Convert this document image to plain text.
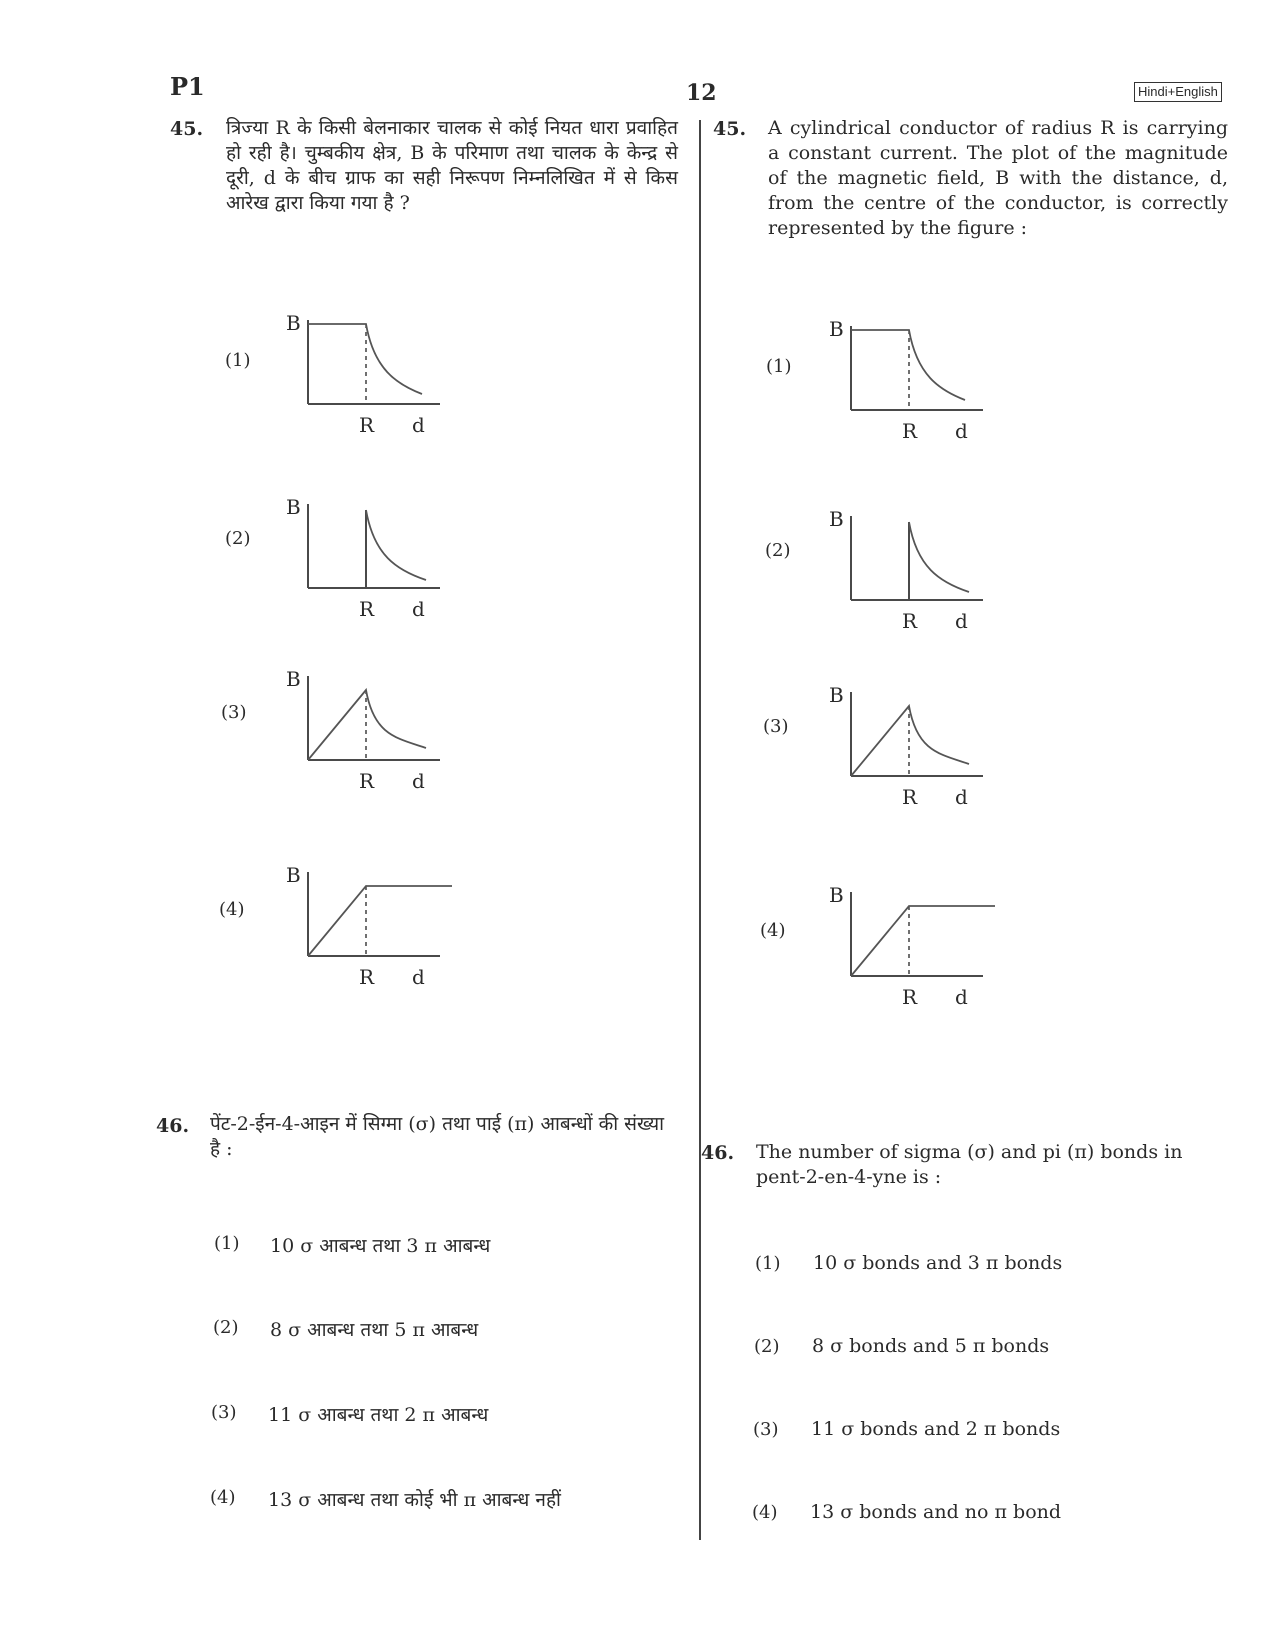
P1	12	Hindi+English
45. त्रिज्या R के किसी बेलनाकार चालक से कोई नियत धारा प्रवाहित हो रही है। चुम्बकीय क्षेत्र, B के परिमाण तथा चालक के केन्द्र से दूरी, d के बीच ग्राफ का सही निरूपण निम्नलिखित में से किस आरेख द्वारा किया गया है ?
45. A cylindrical conductor of radius R is carrying a constant current. The plot of the magnitude of the magnetic field, B with the distance, d, from the centre of the conductor, is correctly represented by the figure :
(1)
B
R d
(2)
B
R d
(3)
B
R d
(4)
B
R d
(1)
B
R d
(2)
B
R d
(3)
B
R d
(4)
B
R d
46. पेंट-2-ईन-4-आइन में सिग्मा (σ) तथा पाई (π) आबन्धों की संख्या है :
(1) 10 σ आबन्ध तथा 3 π आबन्ध
(2) 8 σ आबन्ध तथा 5 π आबन्ध
(3) 11 σ आबन्ध तथा 2 π आबन्ध
(4) 13 σ आबन्ध तथा कोई भी π आबन्ध नहीं
46. The number of sigma (σ) and pi (π) bonds in pent-2-en-4-yne is :
(1) 10 σ bonds and 3 π bonds
(2) 8 σ bonds and 5 π bonds
(3) 11 σ bonds and 2 π bonds
(4) 13 σ bonds and no π bond
